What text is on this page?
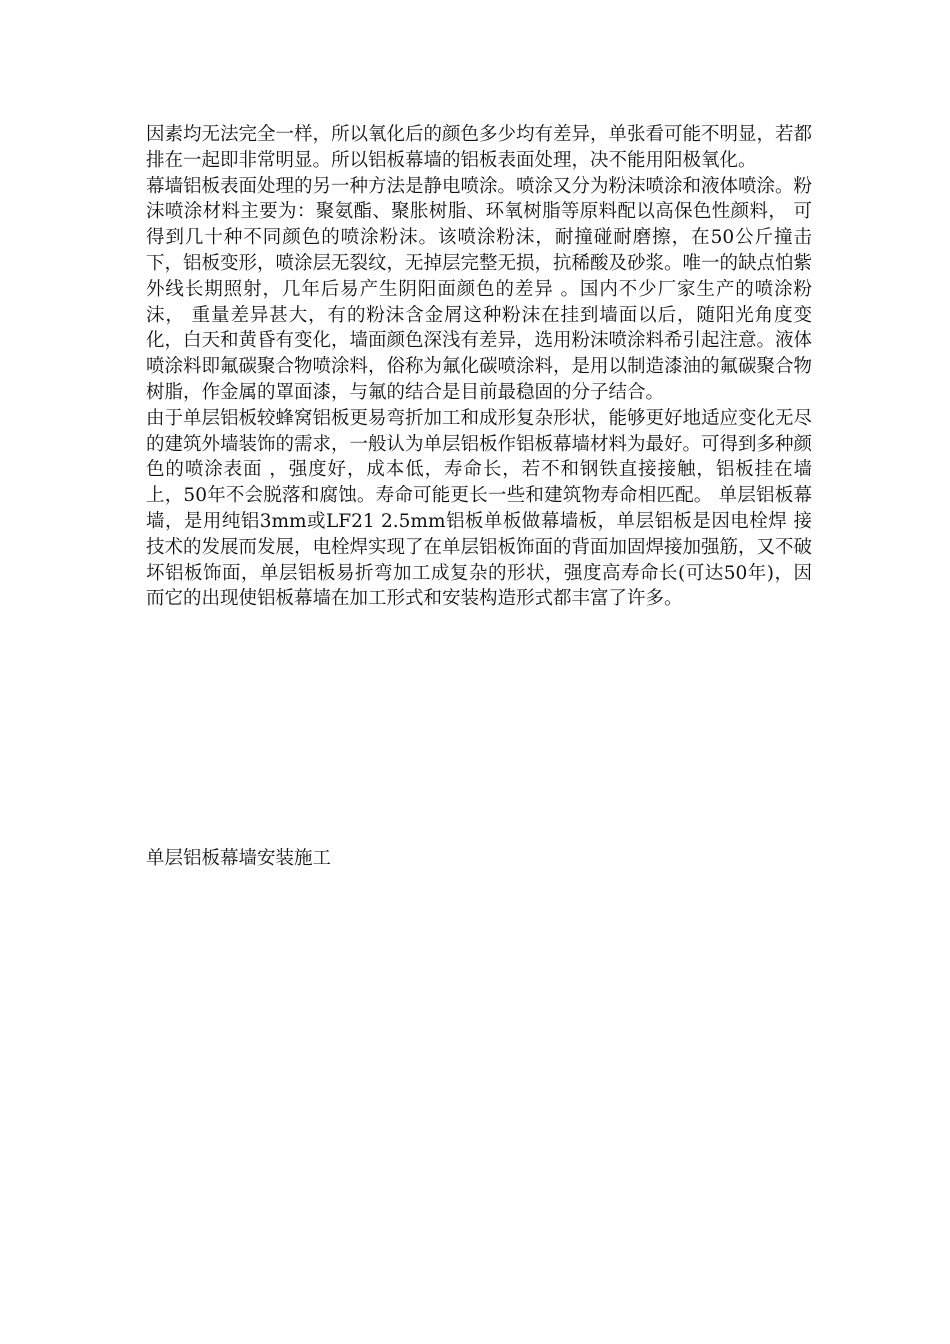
因素均无法完全一样，所以氧化后的颜色多少均有差异，单张看可能不明显，若都排在一起即非常明显。所以铝板幕墙的铝板表面处理，决不能用阳极氧化。

幕墙铝板表面处理的另一种方法是静电喷涂。喷涂又分为粉沫喷涂和液体喷涂。粉沫喷涂材料主要为：聚氨酯、聚胀树脂、环氧树脂等原料配以高保色性颜料， 可得到几十种不同颜色的喷涂粉沫。该喷涂粉沫，耐撞碰耐磨擦，在50公斤撞击下，铝板变形，喷涂层无裂纹，无掉层完整无损，抗稀酸及砂浆。唯一的缺点怕紫外线长期照射，几年后易产生阴阳面颜色的差异 。国内不少厂家生产的喷涂粉沫， 重量差异甚大，有的粉沫含金屑这种粉沫在挂到墙面以后，随阳光角度变化，白天和黄昏有变化，墙面颜色深浅有差异，选用粉沫喷涂料希引起注意。液体喷涂料即氟碳聚合物喷涂料，俗称为氟化碳喷涂料，是用以制造漆油的氟碳聚合物树脂，作金属的罩面漆，与氟的结合是目前最稳固的分子结合。

由于单层铝板较蜂窝铝板更易弯折加工和成形复杂形状，能够更好地适应变化无尽的建筑外墙装饰的需求，一般认为单层铝板作铝板幕墙材料为最好。可得到多种颜色的喷涂表面 ，强度好，成本低，寿命长，若不和钢铁直接接触，铝板挂在墙上，50年不会脱落和腐蚀。寿命可能更长一些和建筑物寿命相匹配。 单层铝板幕墙，是用纯铝3mm或LF21 2.5mm铝板单板做幕墙板，单层铝板是因电栓焊 接技术的发展而发展，电栓焊实现了在单层铝板饰面的背面加固焊接加强筋，又不破坏铝板饰面，单层铝板易折弯加工成复杂的形状，强度高寿命长(可达50年)，因而它的出现使铝板幕墙在加工形式和安装构造形式都丰富了许多。

单层铝板幕墙安装施工
